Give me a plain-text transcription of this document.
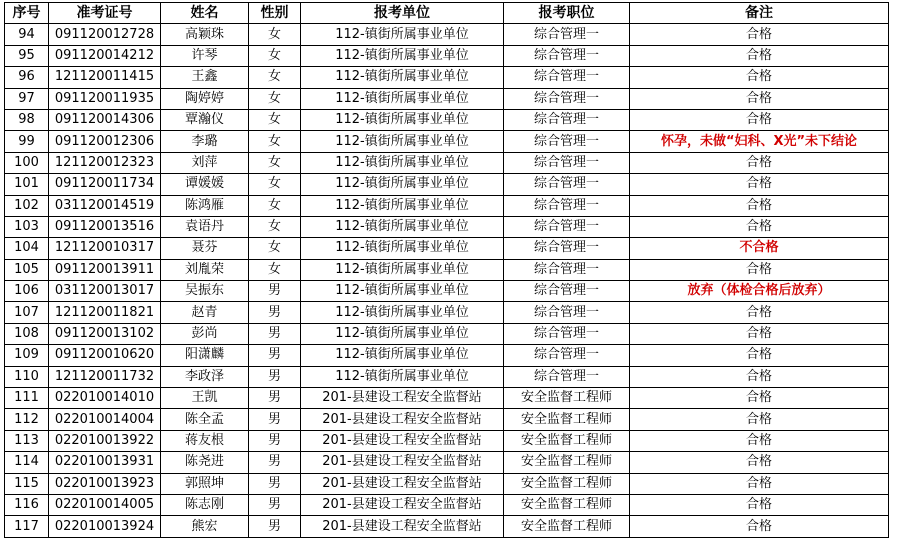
序号	准考证号	姓名	性别	报考单位	报考职位	备注
94	091120012728	高颖珠	女	112-镇街所属事业单位	综合管理一	合格
95	091120014212	许琴	女	112-镇街所属事业单位	综合管理一	合格
96	121120011415	王鑫	女	112-镇街所属事业单位	综合管理一	合格
97	091120011935	陶婷婷	女	112-镇街所属事业单位	综合管理一	合格
98	091120014306	覃瀚仪	女	112-镇街所属事业单位	综合管理一	合格
99	091120012306	李璐	女	112-镇街所属事业单位	综合管理一	怀孕，未做“妇科、X光”未下结论
100	121120012323	刘萍	女	112-镇街所属事业单位	综合管理一	合格
101	091120011734	谭媛媛	女	112-镇街所属事业单位	综合管理一	合格
102	031120014519	陈鸿雁	女	112-镇街所属事业单位	综合管理一	合格
103	091120013516	袁语丹	女	112-镇街所属事业单位	综合管理一	合格
104	121120010317	聂芬	女	112-镇街所属事业单位	综合管理一	不合格
105	091120013911	刘胤荣	女	112-镇街所属事业单位	综合管理一	合格
106	031120013017	吴振东	男	112-镇街所属事业单位	综合管理一	放弃（体检合格后放弃）
107	121120011821	赵青	男	112-镇街所属事业单位	综合管理一	合格
108	091120013102	彭尚	男	112-镇街所属事业单位	综合管理一	合格
109	091120010620	阳潇麟	男	112-镇街所属事业单位	综合管理一	合格
110	121120011732	李政泽	男	112-镇街所属事业单位	综合管理一	合格
111	022010014010	王凯	男	201-县建设工程安全监督站	安全监督工程师	合格
112	022010014004	陈全孟	男	201-县建设工程安全监督站	安全监督工程师	合格
113	022010013922	蒋友根	男	201-县建设工程安全监督站	安全监督工程师	合格
114	022010013931	陈尧进	男	201-县建设工程安全监督站	安全监督工程师	合格
115	022010013923	郭照坤	男	201-县建设工程安全监督站	安全监督工程师	合格
116	022010014005	陈志刚	男	201-县建设工程安全监督站	安全监督工程师	合格
117	022010013924	熊宏	男	201-县建设工程安全监督站	安全监督工程师	合格
